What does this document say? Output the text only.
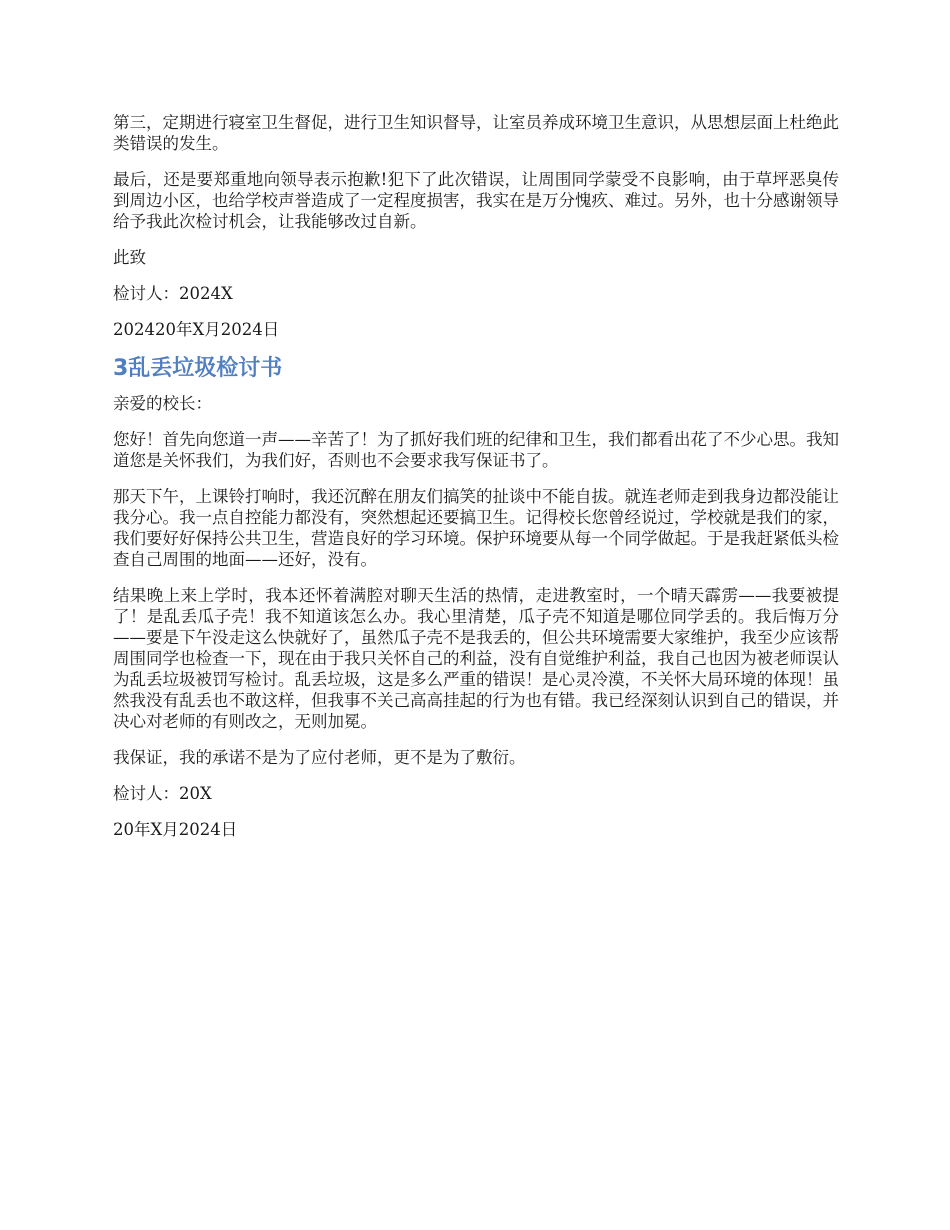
第三，定期进行寝室卫生督促，进行卫生知识督导，让室员养成环境卫生意识，从思想层面上杜绝此类错误的发生。

最后，还是要郑重地向领导表示抱歉!犯下了此次错误，让周围同学蒙受不良影响，由于草坪恶臭传到周边小区，也给学校声誉造成了一定程度损害，我实在是万分愧疚、难过。另外，也十分感谢领导给予我此次检讨机会，让我能够改过自新。

此致

检讨人：2024X

202420年X月2024日

3乱丢垃圾检讨书

亲爱的校长：

您好！首先向您道一声——辛苦了！为了抓好我们班的纪律和卫生，我们都看出花了不少心思。我知道您是关怀我们，为我们好，否则也不会要求我写保证书了。

那天下午，上课铃打响时，我还沉醉在朋友们搞笑的扯谈中不能自拔。就连老师走到我身边都没能让我分心。我一点自控能力都没有，突然想起还要搞卫生。记得校长您曾经说过，学校就是我们的家，我们要好好保持公共卫生，营造良好的学习环境。保护环境要从每一个同学做起。于是我赶紧低头检查自己周围的地面——还好，没有。

结果晚上来上学时，我本还怀着满腔对聊天生活的热情，走进教室时，一个晴天霹雳——我要被提了！是乱丢瓜子壳！我不知道该怎么办。我心里清楚，瓜子壳不知道是哪位同学丢的。我后悔万分——要是下午没走这么快就好了，虽然瓜子壳不是我丢的，但公共环境需要大家维护，我至少应该帮周围同学也检查一下，现在由于我只关怀自己的利益，没有自觉维护利益，我自己也因为被老师误认为乱丢垃圾被罚写检讨。乱丢垃圾，这是多么严重的错误！是心灵冷漠，不关怀大局环境的体现！虽然我没有乱丢也不敢这样，但我事不关己高高挂起的行为也有错。我已经深刻认识到自己的错误，并决心对老师的有则改之，无则加冕。

我保证，我的承诺不是为了应付老师，更不是为了敷衍。

检讨人：20X

20年X月2024日
